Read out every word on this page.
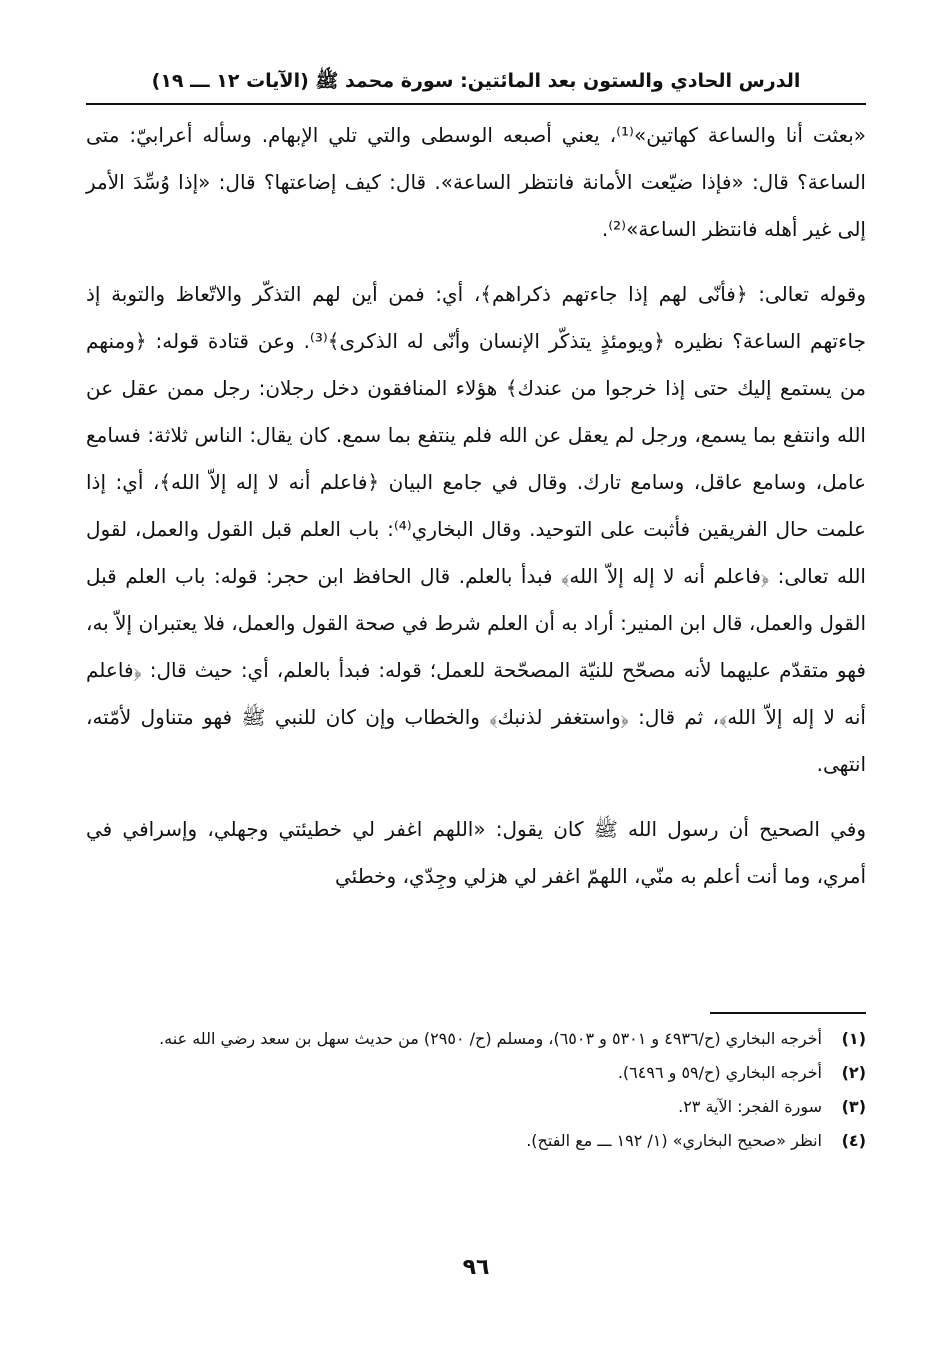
الدرس الحادي والستون بعد المائتين: سورة محمد ﷺ (الآيات ١٢ ـــ ١٩)

«بعثت أنا والساعة كهاتين»⁽¹⁾، يعني أصبعه الوسطى والتي تلي الإبهام. وسأله أعرابيّ: متى الساعة؟ قال: «فإذا ضيّعت الأمانة فانتظر الساعة». قال: كيف إضاعتها؟ قال: «إذا وُسِّدَ الأمر إلى غير أهله فانتظر الساعة»⁽²⁾.

وقوله تعالى: ﴿فأنّى لهم إذا جاءتهم ذكراهم﴾، أي: فمن أين لهم التذكّر والاتّعاظ والتوبة إذ جاءتهم الساعة؟ نظيره ﴿ويومئذٍ يتذكّر الإنسان وأنّى له الذكرى﴾⁽³⁾. وعن قتادة قوله: ﴿ومنهم من يستمع إليك حتى إذا خرجوا من عندك﴾ هؤلاء المنافقون دخل رجلان: رجل ممن عقل عن الله وانتفع بما يسمع، ورجل لم يعقل عن الله فلم ينتفع بما سمع. كان يقال: الناس ثلاثة: فسامع عامل، وسامع عاقل، وسامع تارك. وقال في جامع البيان ﴿فاعلم أنه لا إله إلاّ الله﴾، أي: إذا علمت حال الفريقين فأثبت على التوحيد. وقال البخاري⁽⁴⁾: باب العلم قبل القول والعمل، لقول الله تعالى: ﴿فاعلم أنه لا إله إلاّ الله﴾ فبدأ بالعلم. قال الحافظ ابن حجر: قوله: باب العلم قبل القول والعمل، قال ابن المنير: أراد به أن العلم شرط في صحة القول والعمل، فلا يعتبران إلاّ به، فهو متقدّم عليهما لأنه مصحّح للنيّة المصحّحة للعمل؛ قوله: فبدأ بالعلم، أي: حيث قال: ﴿فاعلم أنه لا إله إلاّ الله﴾، ثم قال: ﴿واستغفر لذنبك﴾ والخطاب وإن كان للنبي ﷺ فهو متناول لأمّته، انتهى.

وفي الصحيح أن رسول الله ﷺ كان يقول: «اللهم اغفر لي خطيئتي وجهلي، وإسرافي في أمري، وما أنت أعلم به منّي، اللهمّ اغفر لي هزلي وجِدّي، وخطئي

(١)
أخرجه البخاري (ح/٤٩٣٦ و ٥٣٠١ و ٦٥٠٣)، ومسلم (ح/ ٢٩٥٠) من حديث سهل بن سعد رضي الله عنه.
(٢)
أخرجه البخاري (ح/٥٩ و ٦٤٩٦).
(٣)
سورة الفجر: الآية ٢٣.
(٤)
انظر «صحيح البخاري» (١/ ١٩٢ ـــ مع الفتح).
٩٦
